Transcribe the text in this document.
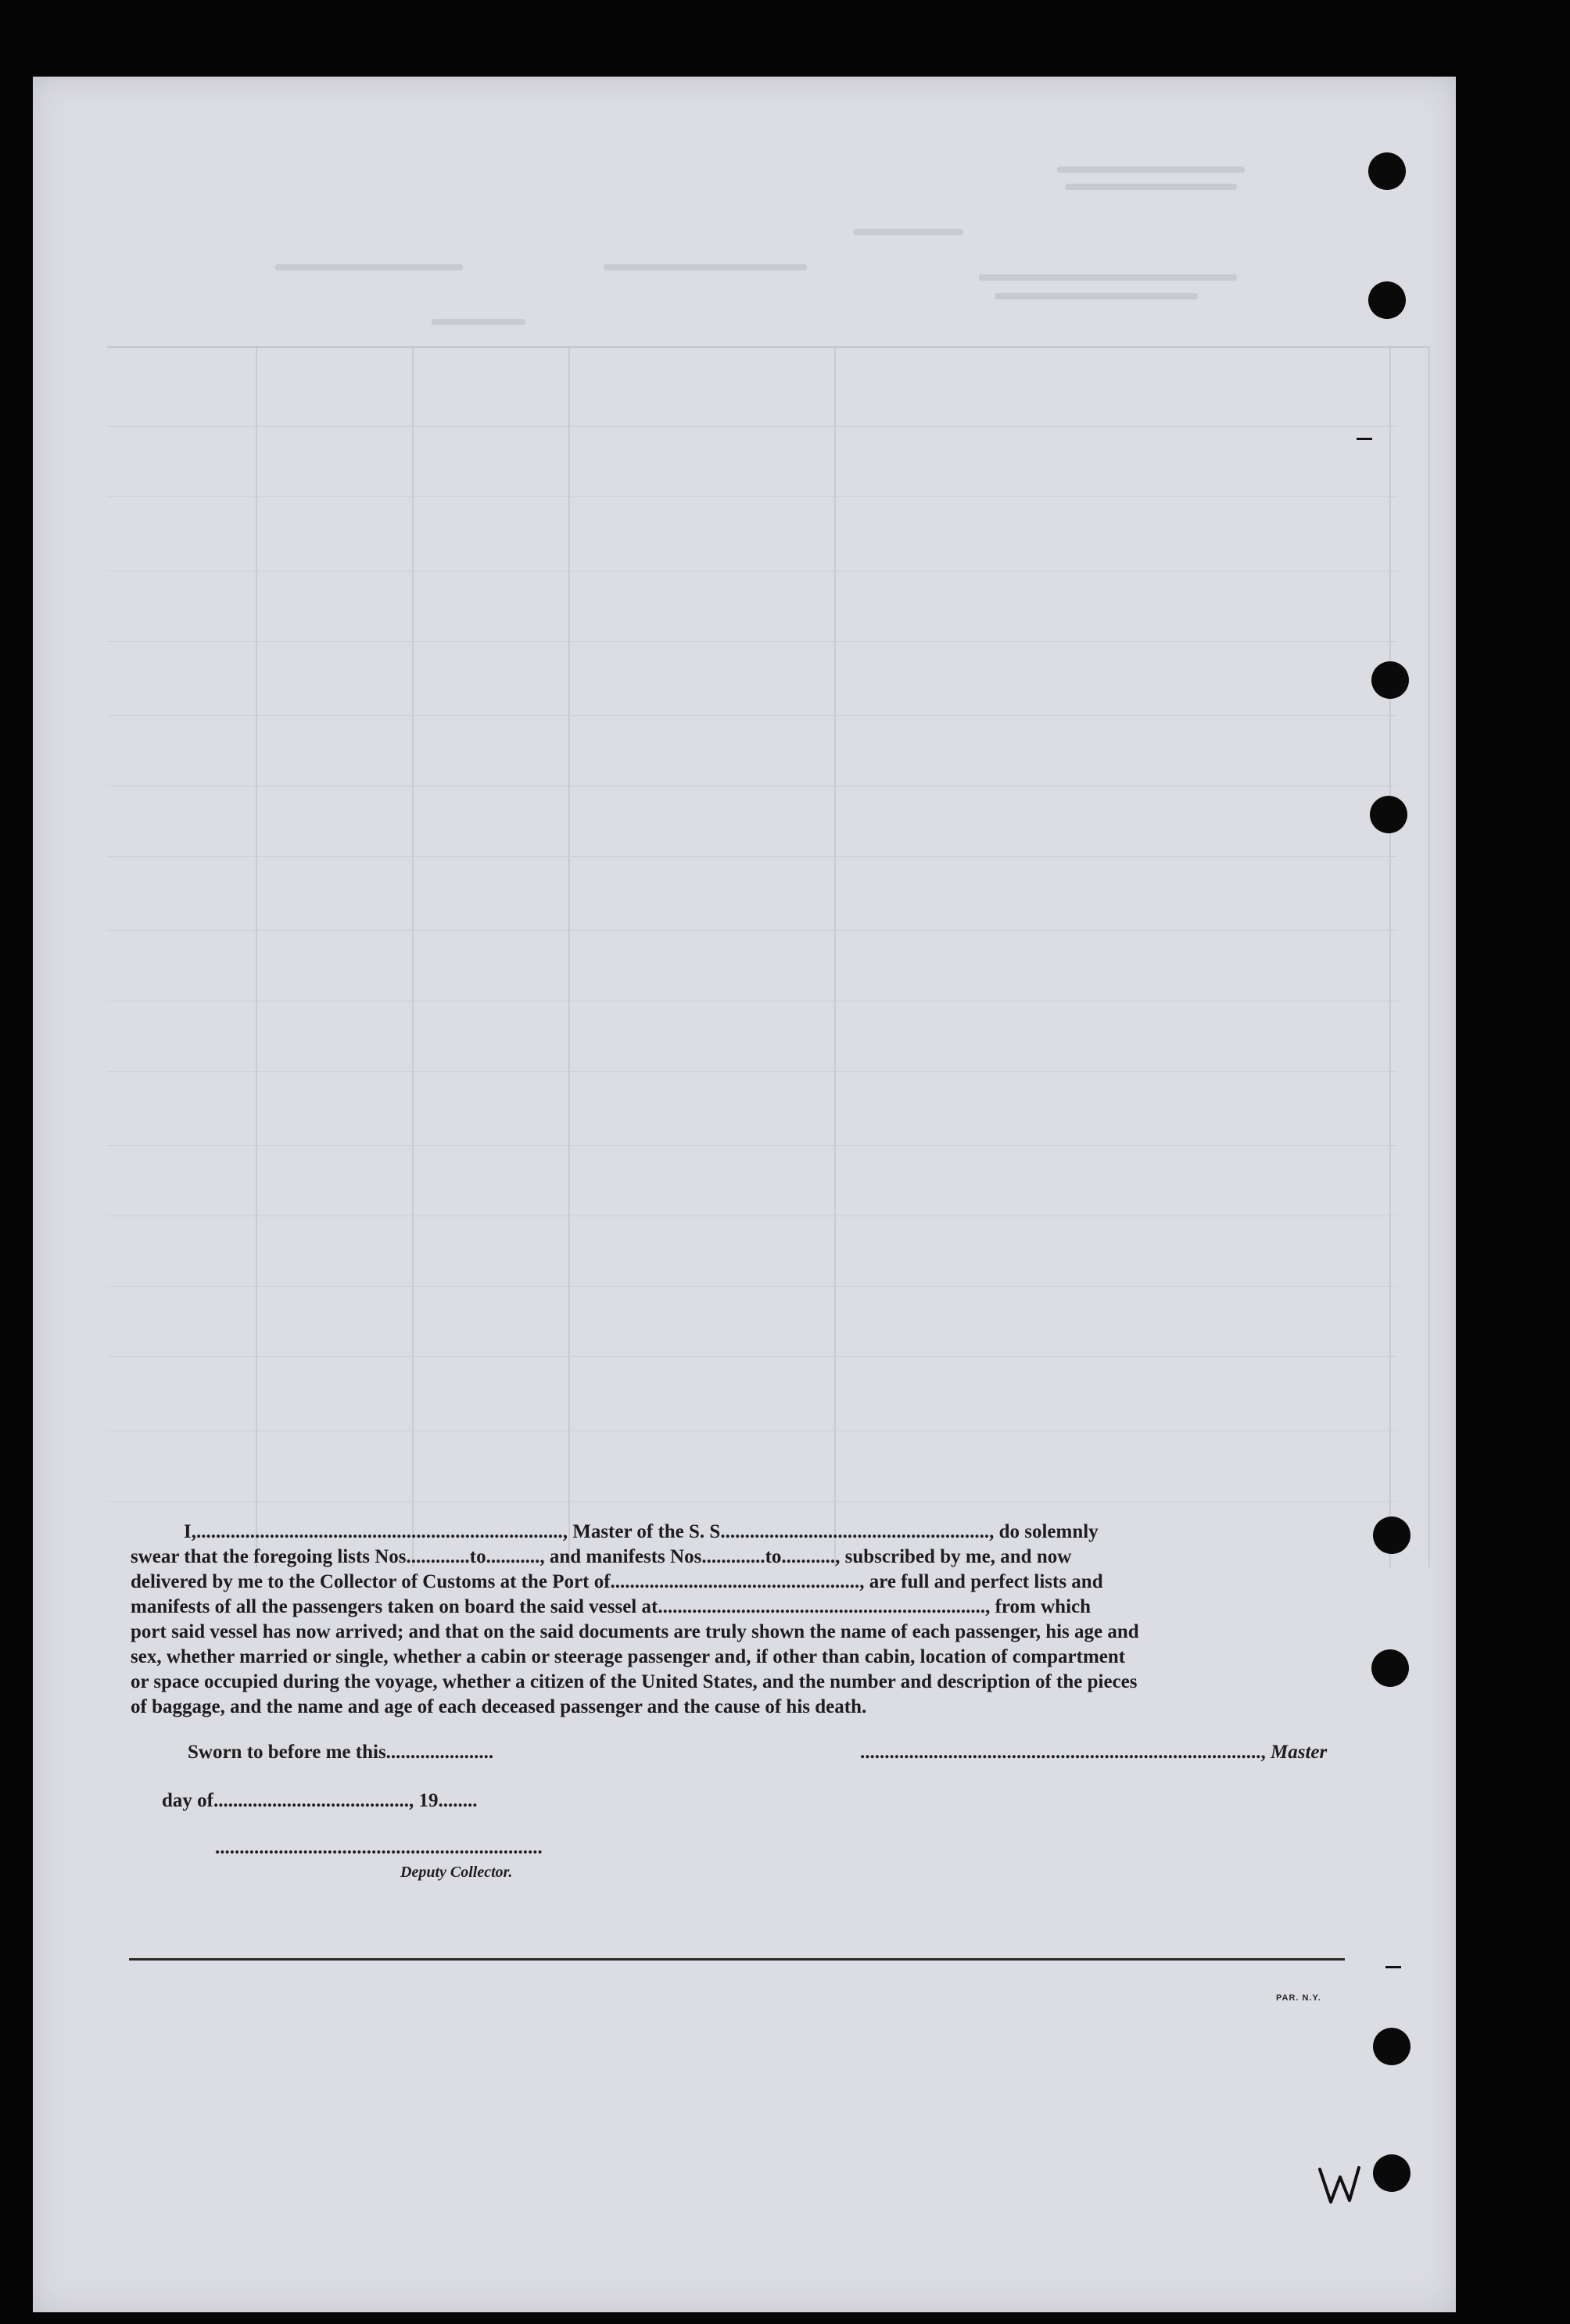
I,..........................................................................., Master of the S. S......................................................., do solemnly
swear that the foregoing lists Nos.............to..........., and manifests Nos.............to..........., subscribed by me, and now
delivered by me to the Collector of Customs at the Port of..................................................., are full and perfect lists and
manifests of all the passengers taken on board the said vessel at..................................................................., from which
port said vessel has now arrived; and that on the said documents are truly shown the name of each passenger, his age and
sex, whether married or single, whether a cabin or steerage passenger and, if other than cabin, location of compartment
or space occupied during the voyage, whether a citizen of the United States, and the number and description of the pieces
of baggage, and the name and age of each deceased passenger and the cause of his death.
Sworn to before me this......................	.................................................................................., Master
day of........................................, 19........
...................................................................
Deputy Collector.
PAR. N.Y.
